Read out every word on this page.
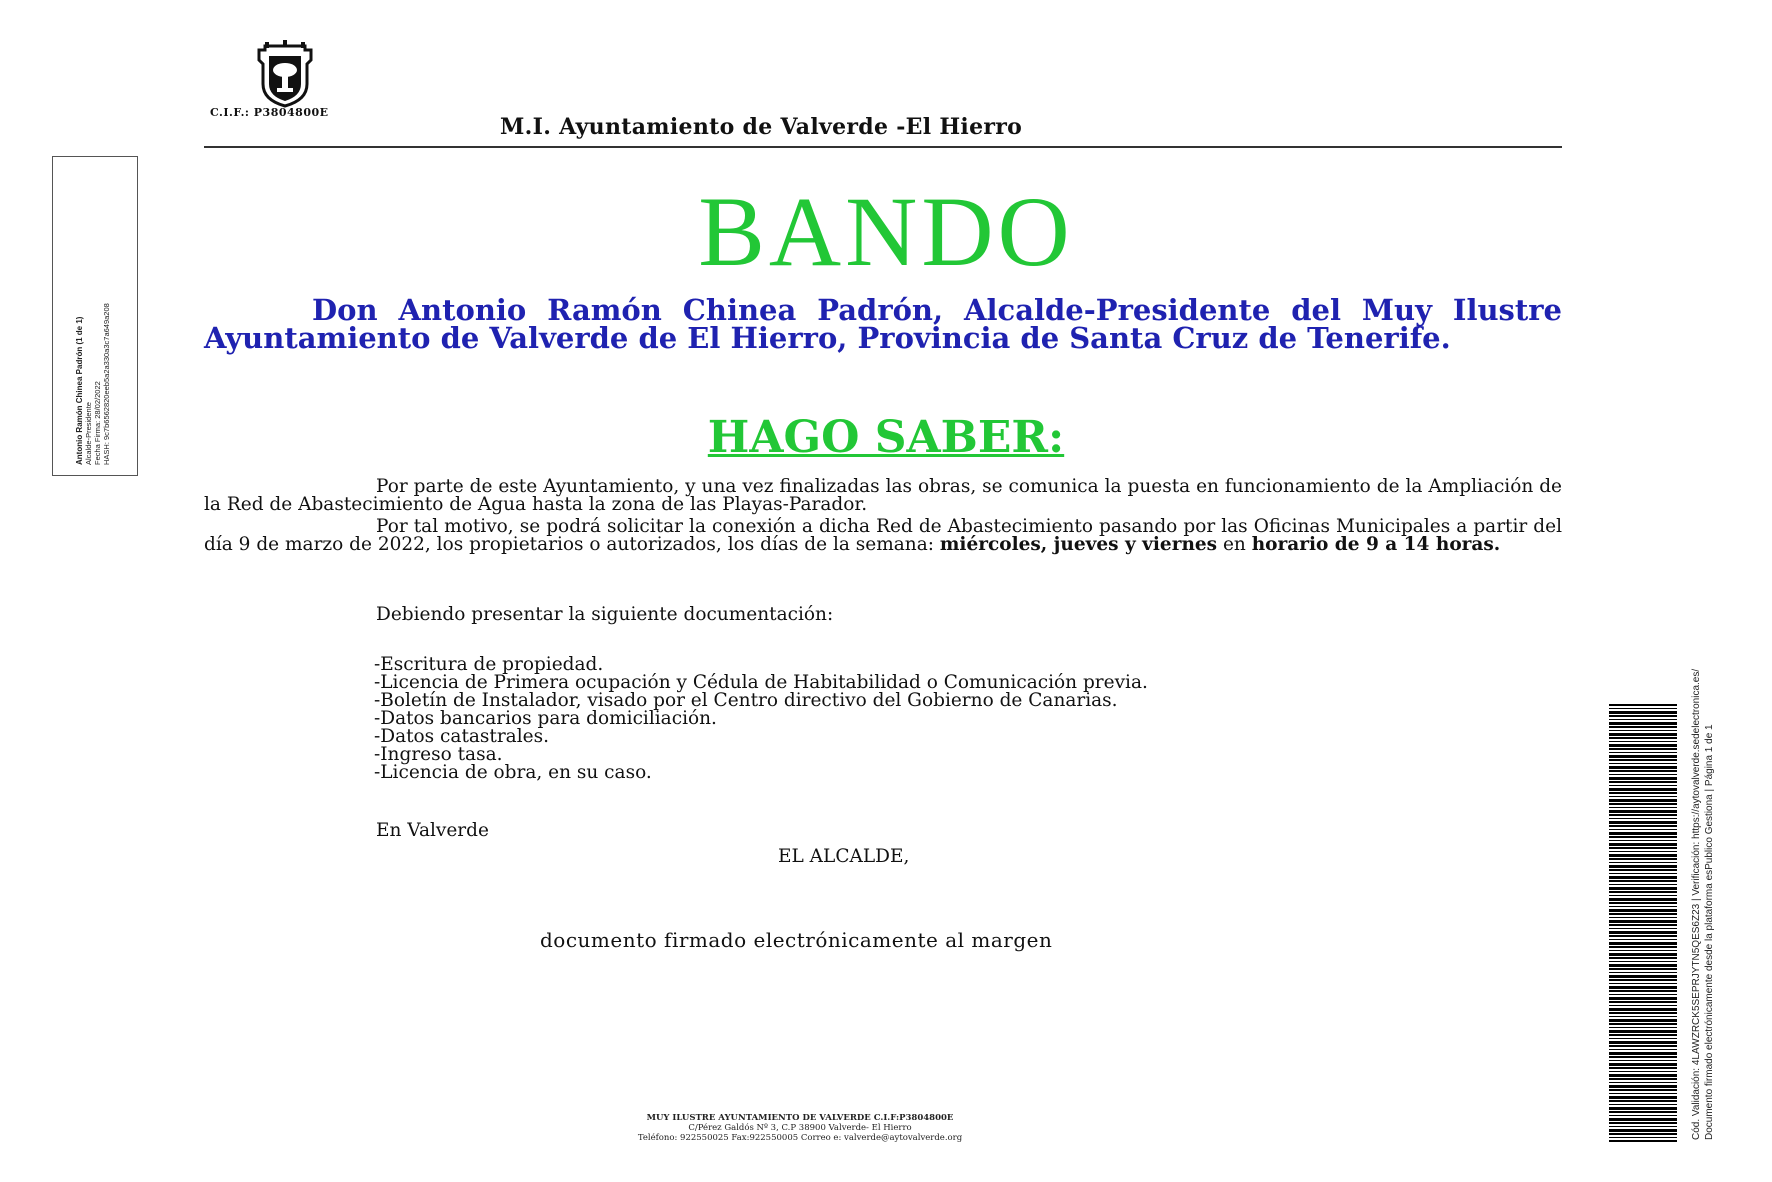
C.I.F.: P3804800E
M.I. Ayuntamiento de Valverde -El Hierro
BANDO

Don Antonio Ramón Chinea Padrón, Alcalde-Presidente del Muy Ilustre Ayuntamiento de Valverde de El Hierro, Provincia de Santa Cruz de Tenerife.

HAGO SABER:

Por parte de este Ayuntamiento, y una vez finalizadas las obras, se comunica la puesta en funcionamiento de la Ampliación de la Red de Abastecimiento de Agua hasta la zona de las Playas-Parador.

Por tal motivo, se podrá solicitar la conexión a dicha Red de Abastecimiento pasando por las Oficinas Municipales a partir del día 9 de marzo de 2022, los propietarios o autorizados, los días de la semana: miércoles, jueves y viernes en horario de 9 a 14 horas.

Debiendo presentar la siguiente documentación:
-Escritura de propiedad.
-Licencia de Primera ocupación y Cédula de Habitabilidad o Comunicación previa.
-Boletín de Instalador, visado por el Centro directivo del Gobierno de Canarias.
-Datos bancarios para domiciliación.
-Datos catastrales.
-Ingreso tasa.
-Licencia de obra, en su caso.
En Valverde
EL ALCALDE,
documento firmado electrónicamente al margen
MUY ILUSTRE AYUNTAMIENTO DE VALVERDE C.I.F:P3804800E
C/Pérez Galdós Nº 3, C.P 38900 Valverde- El Hierro
Teléfono: 922550025 Fax:922550005 Correo e: valverde@aytovalverde.org
Antonio Ramón Chinea Padrón (1 de 1) Alcalde-Presidente Fecha Firma: 28/02/2022 HASH: 9c7b6562820eeb5a2a330a3c7a649a208
Cód. Validación: 4LAWZRCK5SEPRJYTN5QES6Z23 | Verificación: https://aytovalverde.sedelectronica.es/ Documento firmado electrónicamente desde la plataforma esPublico Gestiona | Página 1 de 1
